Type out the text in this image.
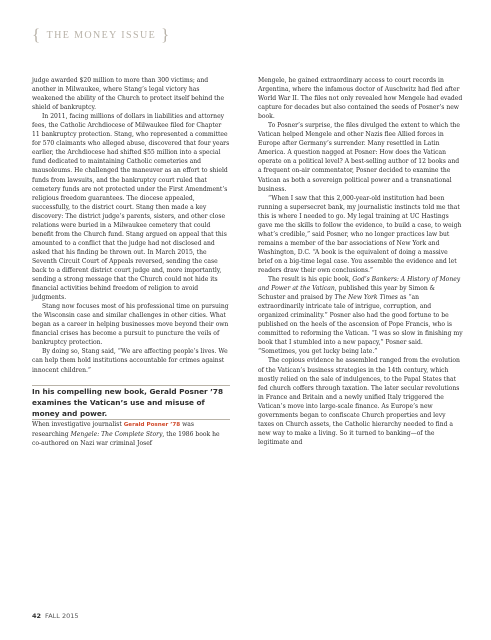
{ THE MONEY ISSUE }

judge awarded $20 million to more than 300 victims; and another in Milwaukee, where Stang’s legal victory has weakened the ability of the Church to protect itself behind the shield of bankruptcy.

In 2011, facing millions of dollars in liabilities and attorney fees, the Catholic Archdiocese of Milwaukee filed for Chapter 11 bankruptcy protection. Stang, who represented a committee for 570 claimants who alleged abuse, discovered that four years earlier, the Archdiocese had shifted $55 million into a special fund dedicated to maintaining Catholic cemeteries and mausoleums. He challenged the maneuver as an effort to shield funds from lawsuits, and the bankruptcy court ruled that cemetery funds are not protected under the First Amendment’s religious freedom guarantees. The diocese appealed, successfully, to the district court. Stang then made a key discovery: The district judge’s parents, sisters, and other close relations were buried in a Milwaukee cemetery that could benefit from the Church fund. Stang argued on appeal that this amounted to a conflict that the judge had not disclosed and asked that his finding be thrown out. In March 2015, the Seventh Circuit Court of Appeals reversed, sending the case back to a different district court judge and, more importantly, sending a strong message that the Church could not hide its financial activities behind freedom of religion to avoid judgments.

Stang now focuses most of his professional time on pursuing the Wisconsin case and similar challenges in other cities. What began as a career in helping businesses move beyond their own financial crises has become a pursuit to puncture the veils of bankruptcy protection.

By doing so, Stang said, “We are affecting people’s lives. We can help them hold institutions accountable for crimes against innocent children.”

In his compelling new book, Gerald Posner ’78 examines the Vatican’s use and misuse of money and power.

When investigative journalist Gerald Posner ’78 was researching Mengele: The Complete Story, the 1986 book he co-authored on Nazi war criminal Josef

Mengele, he gained extraordinary access to court records in Argentina, where the infamous doctor of Auschwitz had fled after World War II. The files not only revealed how Mengele had evaded capture for decades but also contained the seeds of Posner’s new book.

To Posner’s surprise, the files divulged the extent to which the Vatican helped Mengele and other Nazis flee Allied forces in Europe after Germany’s surrender. Many resettled in Latin America. A question nagged at Posner: How does the Vatican operate on a political level? A best-selling author of 12 books and a frequent on-air commentator, Posner decided to examine the Vatican as both a sovereign political power and a transnational business.

“When I saw that this 2,000-year-old institution had been running a supersecret bank, my journalistic instincts told me that this is where I needed to go. My legal training at UC Hastings gave me the skills to follow the evidence, to build a case, to weigh what’s credible,” said Posner, who no longer practices law but remains a member of the bar associations of New York and Washington, D.C. “A book is the equivalent of doing a massive brief on a big-time legal case. You assemble the evidence and let readers draw their own conclusions.”

The result is his epic book, God’s Bankers: A History of Money and Power at the Vatican, published this year by Simon & Schuster and praised by The New York Times as “an extraordinarily intricate tale of intrigue, corruption, and organized criminality.” Posner also had the good fortune to be published on the heels of the ascension of Pope Francis, who is committed to reforming the Vatican. “I was so slow in finishing my book that I stumbled into a new papacy,” Posner said. “Sometimes, you get lucky being late.”

The copious evidence he assembled ranged from the evolution of the Vatican’s business strategies in the 14th century, which mostly relied on the sale of indulgences, to the Papal States that fed church coffers through taxation. The later secular revolutions in France and Britain and a newly unified Italy triggered the Vatican’s move into large-scale finance. As Europe’s new governments began to confiscate Church properties and levy taxes on Church assets, the Catholic hierarchy needed to find a new way to make a living. So it turned to banking—of the legitimate and

42 FALL 2015
